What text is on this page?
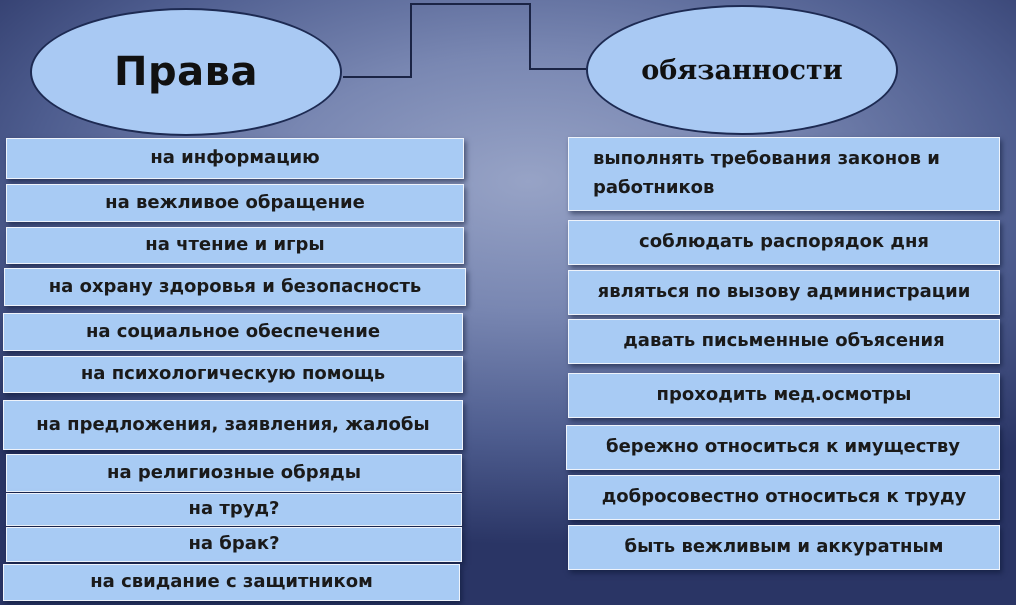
Права	обязанности
на информацию
на вежливое обращение
на чтение и игры
на охрану здоровья и безопасность
на социальное обеспечение
на психологическую помощь
на предложения, заявления, жалобы
на религиозные обряды
на труд?
на брак?
на свидание с защитником
выполнять требования законов и работников
соблюдать распорядок дня
являться по вызову администрации
давать письменные объясения
проходить мед.осмотры
бережно относиться к имуществу
добросовестно относиться к труду
быть вежливым и аккуратным
